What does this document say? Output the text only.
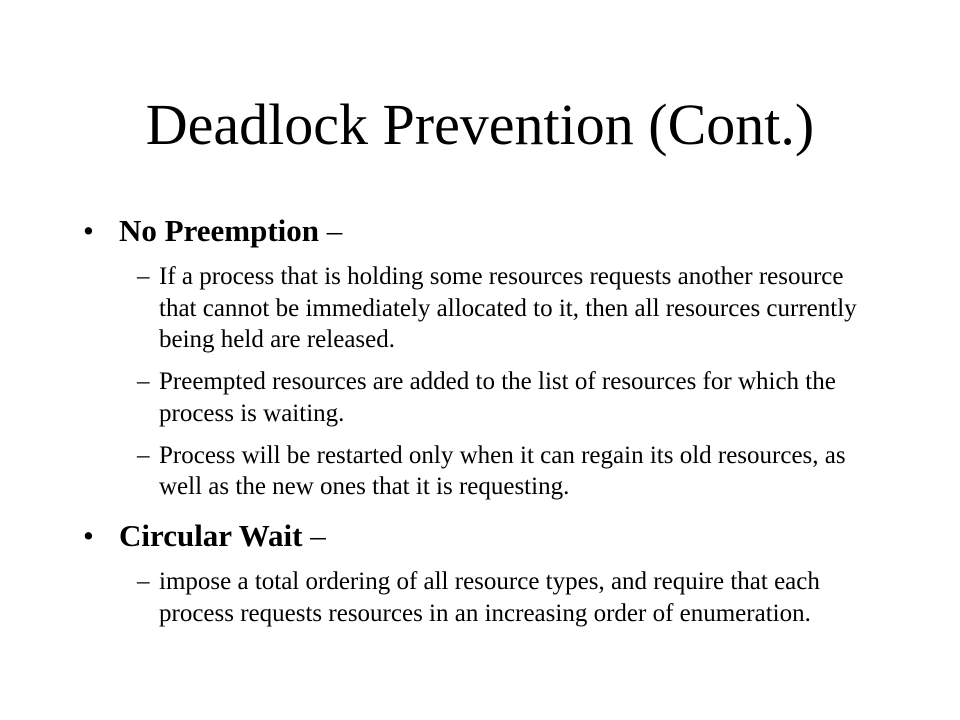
Deadlock Prevention (Cont.)
• No Preemption –
– If a process that is holding some resources requests another resource that cannot be immediately allocated to it, then all resources currently being held are released.
– Preempted resources are added to the list of resources for which the process is waiting.
– Process will be restarted only when it can regain its old resources, as well as the new ones that it is requesting.
• Circular Wait –
– impose a total ordering of all resource types, and require that each process requests resources in an increasing order of enumeration.
